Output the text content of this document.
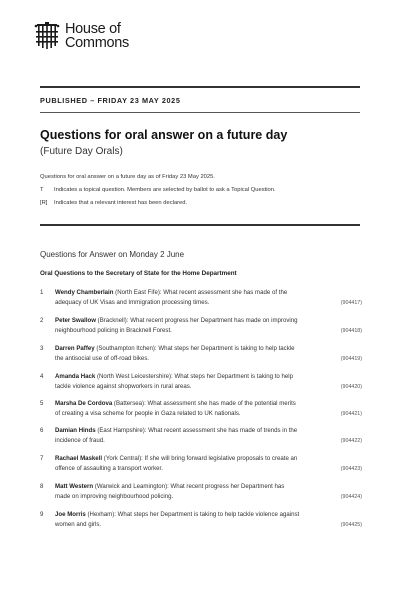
House of
Commons
PUBLISHED – FRIDAY 23 MAY 2025
Questions for oral answer on a future day
(Future Day Orals)
Questions for oral answer on a future day as of Friday 23 May 2025.
T Indicates a topical question. Members are selected by ballot to ask a Topical Question.
[R] Indicates that a relevant interest has been declared.
Questions for Answer on Monday 2 June
Oral Questions to the Secretary of State for the Home Department
1 Wendy Chamberlain (North East Fife): What recent assessment she has made of the
adequacy of UK Visas and Immigration processing times.	(904417)
2 Peter Swallow (Bracknell): What recent progress her Department has made on improving
neighbourhood policing in Bracknell Forest.	(904418)
3 Darren Paffey (Southampton Itchen): What steps her Department is taking to help tackle
the antisocial use of off-road bikes.	(904419)
4 Amanda Hack (North West Leicestershire): What steps her Department is taking to help
tackle violence against shopworkers in rural areas.	(904420)
5 Marsha De Cordova (Battersea): What assessment she has made of the potential merits
of creating a visa scheme for people in Gaza related to UK nationals.	(904421)
6 Damian Hinds (East Hampshire): What recent assessment she has made of trends in the
incidence of fraud.	(904422)
7 Rachael Maskell (York Central): If she will bring forward legislative proposals to create an
offence of assaulting a transport worker.	(904423)
8 Matt Western (Warwick and Leamington): What recent progress her Department has
made on improving neighbourhood policing.	(904424)
9 Joe Morris (Hexham): What steps her Department is taking to help tackle violence against
women and girls.	(904425)
